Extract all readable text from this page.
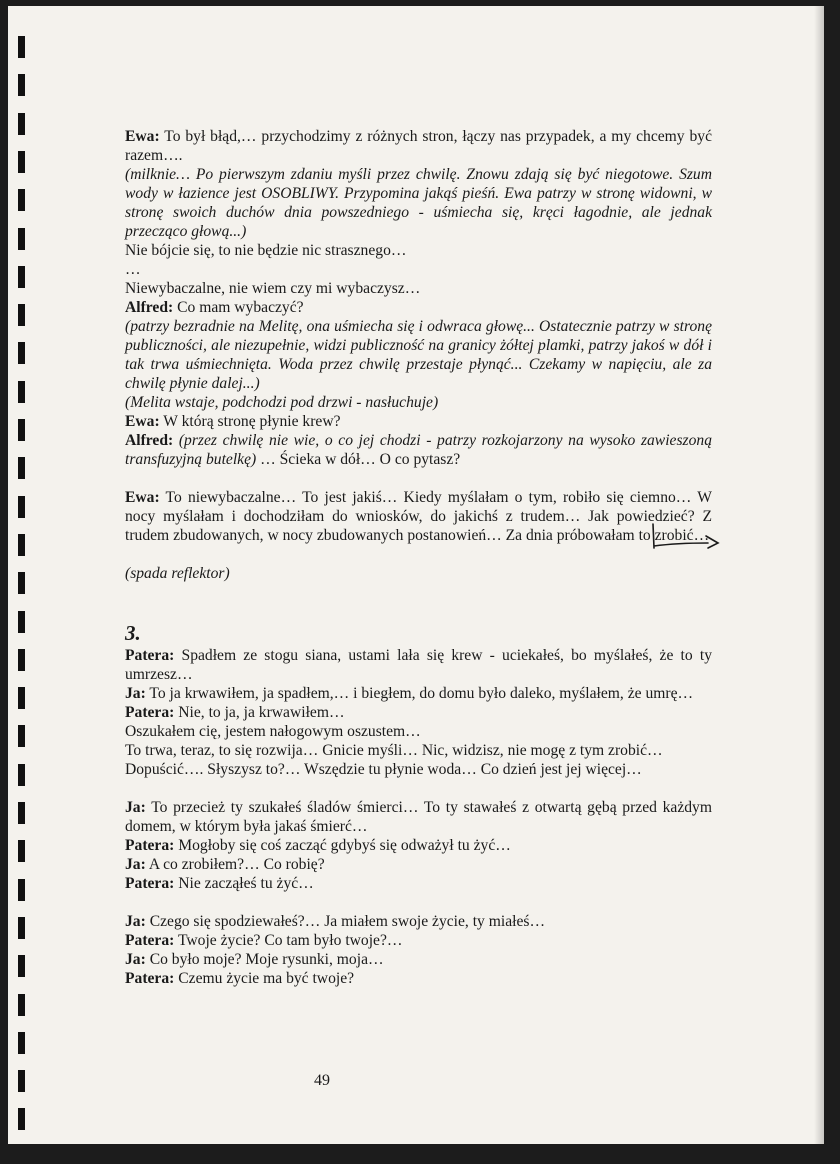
Ewa: To był błąd,… przychodzimy z różnych stron, łączy nas przypadek, a my chcemy być razem….

(milknie… Po pierwszym zdaniu myśli przez chwilę. Znowu zdają się być niegotowe. Szum wody w łazience jest OSOBLIWY. Przypomina jakąś pieśń. Ewa patrzy w stronę widowni, w stronę swoich duchów dnia powszedniego - uśmiecha się, kręci łagodnie, ale jednak przecząco głową...)

Nie bójcie się, to nie będzie nic strasznego…

…

Niewybaczalne, nie wiem czy mi wybaczysz…

Alfred: Co mam wybaczyć?

(patrzy bezradnie na Melitę, ona uśmiecha się i odwraca głowę... Ostatecznie patrzy w stronę publiczności, ale niezupełnie, widzi publiczność na granicy żółtej plamki, patrzy jakoś w dół i tak trwa uśmiechnięta. Woda przez chwilę przestaje płynąć... Czekamy w napięciu, ale za chwilę płynie dalej...)

(Melita wstaje, podchodzi pod drzwi - nasłuchuje)

Ewa: W którą stronę płynie krew?

Alfred: (przez chwilę nie wie, o co jej chodzi - patrzy rozkojarzony na wysoko zawieszoną transfuzyjną butelkę) … Ścieka w dół… O co pytasz?

Ewa: To niewybaczalne… To jest jakiś… Kiedy myślałam o tym, robiło się ciemno… W nocy myślałam i dochodziłam do wniosków, do jakichś z trudem… Jak powiedzieć? Z trudem zbudowanych, w nocy zbudowanych postanowień… Za dnia próbowałam to zrobić…

(spada reflektor)

3.

Patera: Spadłem ze stogu siana, ustami lała się krew - uciekałeś, bo myślałeś, że to ty umrzesz…

Ja: To ja krwawiłem, ja spadłem,… i biegłem, do domu było daleko, myślałem, że umrę…

Patera: Nie, to ja, ja krwawiłem…

Oszukałem cię, jestem nałogowym oszustem…

To trwa, teraz, to się rozwija… Gnicie myśli… Nic, widzisz, nie mogę z tym zrobić…

Dopuścić…. Słyszysz to?… Wszędzie tu płynie woda… Co dzień jest jej więcej…

Ja: To przecież ty szukałeś śladów śmierci… To ty stawałeś z otwartą gębą przed każdym domem, w którym była jakaś śmierć…

Patera: Mogłoby się coś zacząć gdybyś się odważył tu żyć…

Ja: A co zrobiłem?… Co robię?

Patera: Nie zacząłeś tu żyć…

Ja: Czego się spodziewałeś?… Ja miałem swoje życie, ty miałeś…

Patera: Twoje życie? Co tam było twoje?…

Ja: Co było moje? Moje rysunki, moja…

Patera: Czemu życie ma być twoje?

49
